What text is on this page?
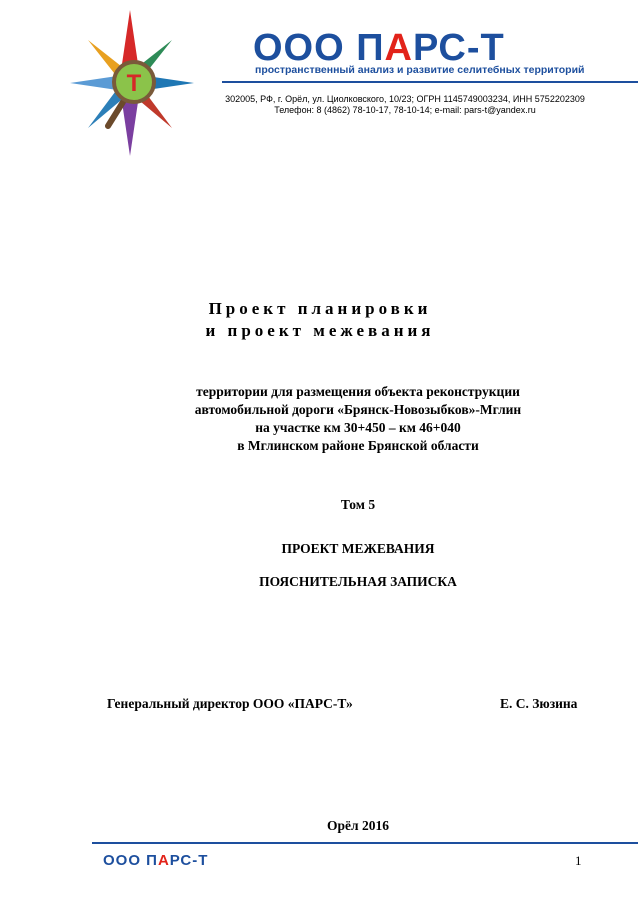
T
ООО ПАРС-Т
пространственный анализ и развитие селитебных территорий
302005, РФ, г. Орёл, ул. Циолковского, 10/23; ОГРН 1145749003234, ИНН 5752202309
Телефон: 8 (4862) 78-10-17, 78-10-14; e-mail: pars-t@yandex.ru
Проект планировки
и проект межевания
территории для размещения объекта реконструкции
автомобильной дороги «Брянск-Новозыбков»-Мглин
на участке км 30+450 – км 46+040
в Мглинском районе Брянской области
Том 5
ПРОЕКТ МЕЖЕВАНИЯ
ПОЯСНИТЕЛЬНАЯ ЗАПИСКА
Генеральный директор ООО «ПАРС-Т»	Е. С. Зюзина
Орёл 2016
ООО ПАРС-Т	1
